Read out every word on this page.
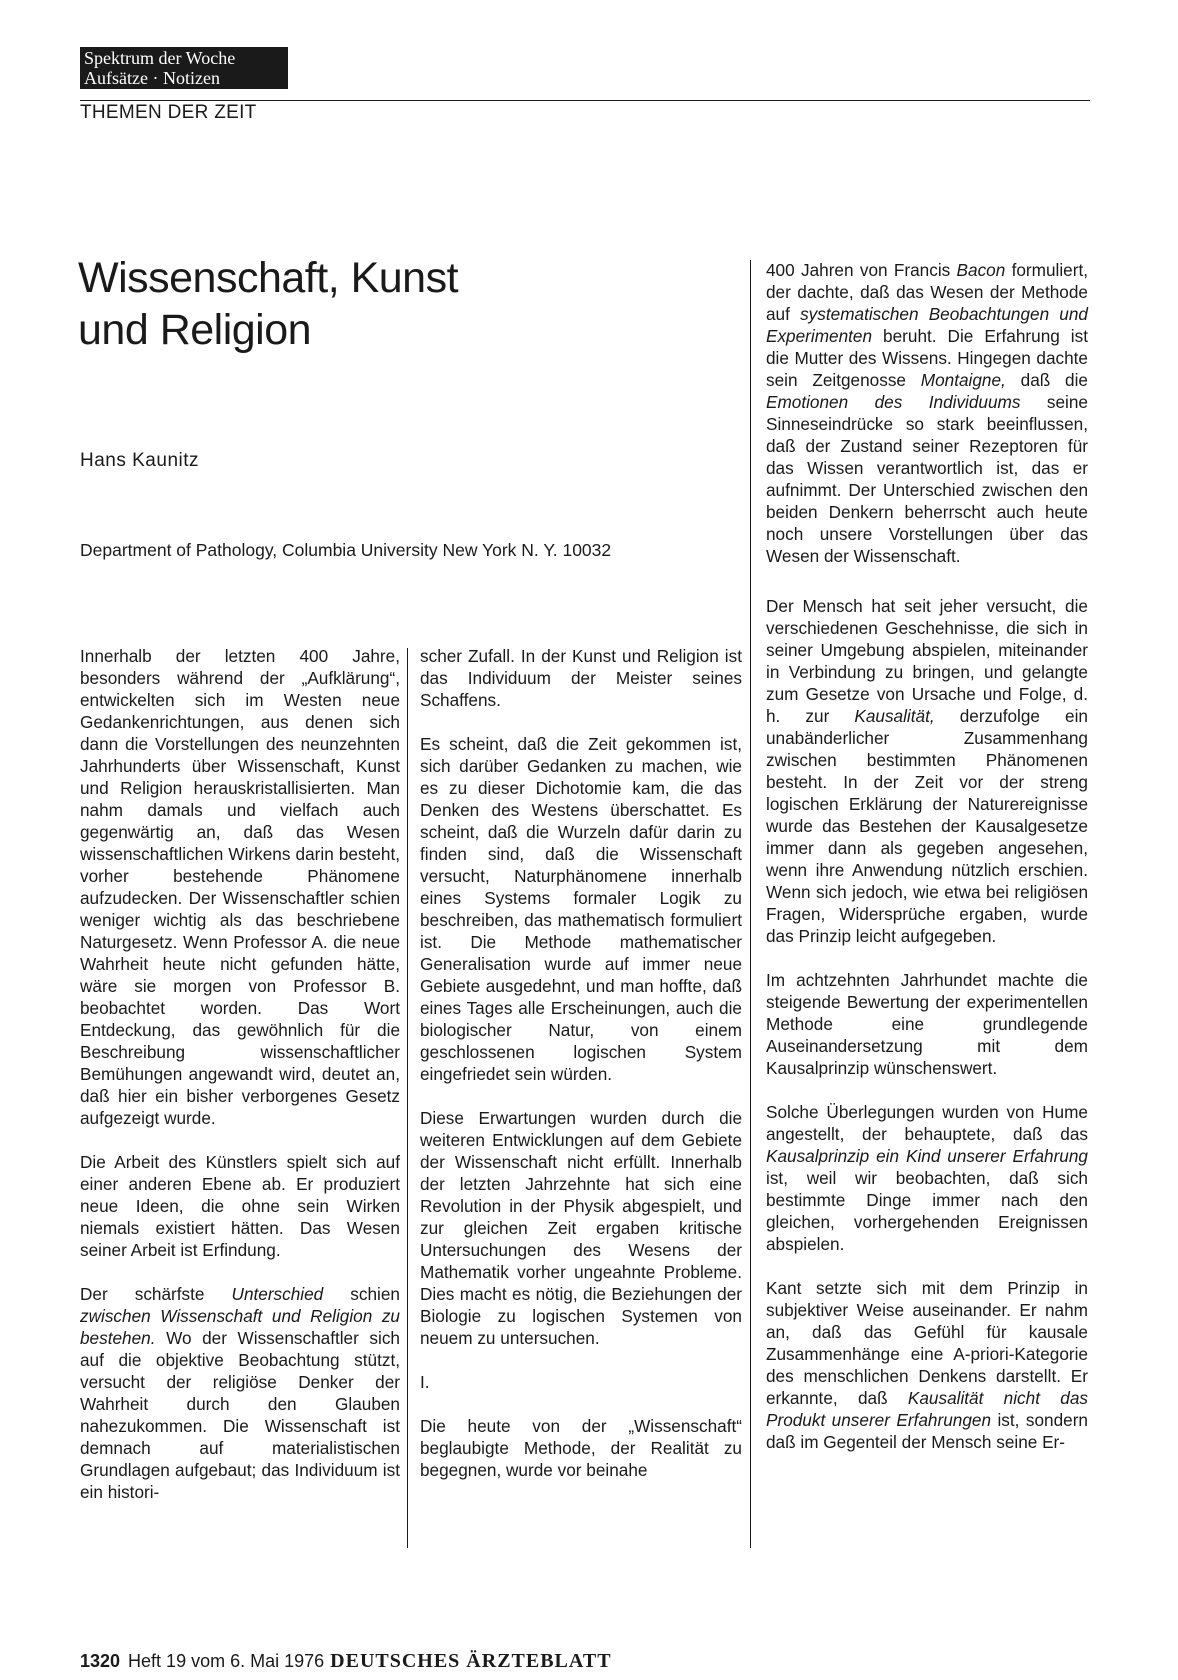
Spektrum der Woche
Aufsätze · Notizen
THEMEN DER ZEIT
Wissenschaft, Kunst
und Religion
Hans Kaunitz
Department of Pathology, Columbia University New York N. Y. 10032

Innerhalb der letzten 400 Jahre, besonders während der „Aufklärung“, entwickelten sich im Westen neue Gedankenrichtungen, aus denen sich dann die Vorstellungen des neunzehnten Jahrhunderts über Wissenschaft, Kunst und Religion herauskristallisierten. Man nahm damals und vielfach auch gegenwärtig an, daß das Wesen wissenschaftlichen Wirkens darin besteht, vorher bestehende Phänomene aufzudecken. Der Wissenschaftler schien weniger wichtig als das beschriebene Naturgesetz. Wenn Professor A. die neue Wahrheit heute nicht gefunden hätte, wäre sie morgen von Professor B. beobachtet worden. Das Wort Entdeckung, das gewöhnlich für die Beschreibung wissenschaftlicher Bemühungen angewandt wird, deutet an, daß hier ein bisher verborgenes Gesetz aufgezeigt wurde.

Die Arbeit des Künstlers spielt sich auf einer anderen Ebene ab. Er produziert neue Ideen, die ohne sein Wirken niemals existiert hätten. Das Wesen seiner Arbeit ist Erfindung.

Der schärfste Unterschied schien zwischen Wissenschaft und Religion zu bestehen. Wo der Wissenschaftler sich auf die objektive Beobachtung stützt, versucht der religiöse Denker der Wahrheit durch den Glauben nahezukommen. Die Wissenschaft ist demnach auf materialistischen Grundlagen aufgebaut; das Individuum ist ein histori-

scher Zufall. In der Kunst und Religion ist das Individuum der Meister seines Schaffens.

Es scheint, daß die Zeit gekommen ist, sich darüber Gedanken zu machen, wie es zu dieser Dichotomie kam, die das Denken des Westens überschattet. Es scheint, daß die Wurzeln dafür darin zu finden sind, daß die Wissenschaft versucht, Naturphänomene innerhalb eines Systems formaler Logik zu beschreiben, das mathematisch formuliert ist. Die Methode mathematischer Generalisation wurde auf immer neue Gebiete ausgedehnt, und man hoffte, daß eines Tages alle Erscheinungen, auch die biologischer Natur, von einem geschlossenen logischen System eingefriedet sein würden.

Diese Erwartungen wurden durch die weiteren Entwicklungen auf dem Gebiete der Wissenschaft nicht erfüllt. Innerhalb der letzten Jahrzehnte hat sich eine Revolution in der Physik abgespielt, und zur gleichen Zeit ergaben kritische Untersuchungen des Wesens der Mathematik vorher ungeahnte Probleme. Dies macht es nötig, die Beziehungen der Biologie zu logischen Systemen von neuem zu untersuchen.

I.

Die heute von der „Wissenschaft“ beglaubigte Methode, der Realität zu begegnen, wurde vor beinahe

400 Jahren von Francis Bacon formuliert, der dachte, daß das Wesen der Methode auf systematischen Beobachtungen und Experimenten beruht. Die Erfahrung ist die Mutter des Wissens. Hingegen dachte sein Zeitgenosse Montaigne, daß die Emotionen des Individuums seine Sinneseindrücke so stark beeinflussen, daß der Zustand seiner Rezeptoren für das Wissen verantwortlich ist, das er aufnimmt. Der Unterschied zwischen den beiden Denkern beherrscht auch heute noch unsere Vorstellungen über das Wesen der Wissenschaft.

Der Mensch hat seit jeher versucht, die verschiedenen Geschehnisse, die sich in seiner Umgebung abspielen, miteinander in Verbindung zu bringen, und gelangte zum Gesetze von Ursache und Folge, d. h. zur Kausalität, derzufolge ein unabänderlicher Zusammenhang zwischen bestimmten Phänomenen besteht. In der Zeit vor der streng logischen Erklärung der Naturereignisse wurde das Bestehen der Kausalgesetze immer dann als gegeben angesehen, wenn ihre Anwendung nützlich erschien. Wenn sich jedoch, wie etwa bei religiösen Fragen, Widersprüche ergaben, wurde das Prinzip leicht aufgegeben.

Im achtzehnten Jahrhundet machte die steigende Bewertung der experimentellen Methode eine grundlegende Auseinandersetzung mit dem Kausalprinzip wünschenswert.

Solche Überlegungen wurden von Hume angestellt, der behauptete, daß das Kausalprinzip ein Kind unserer Erfahrung ist, weil wir beobachten, daß sich bestimmte Dinge immer nach den gleichen, vorhergehenden Ereignissen abspielen.

Kant setzte sich mit dem Prinzip in subjektiver Weise auseinander. Er nahm an, daß das Gefühl für kausale Zusammenhänge eine A-priori-Kategorie des menschlichen Denkens darstellt. Er erkannte, daß Kausalität nicht das Produkt unserer Erfahrungen ist, sondern daß im Gegenteil der Mensch seine Er-

1320 Heft 19 vom 6. Mai 1976 DEUTSCHES ÄRZTEBLATT
